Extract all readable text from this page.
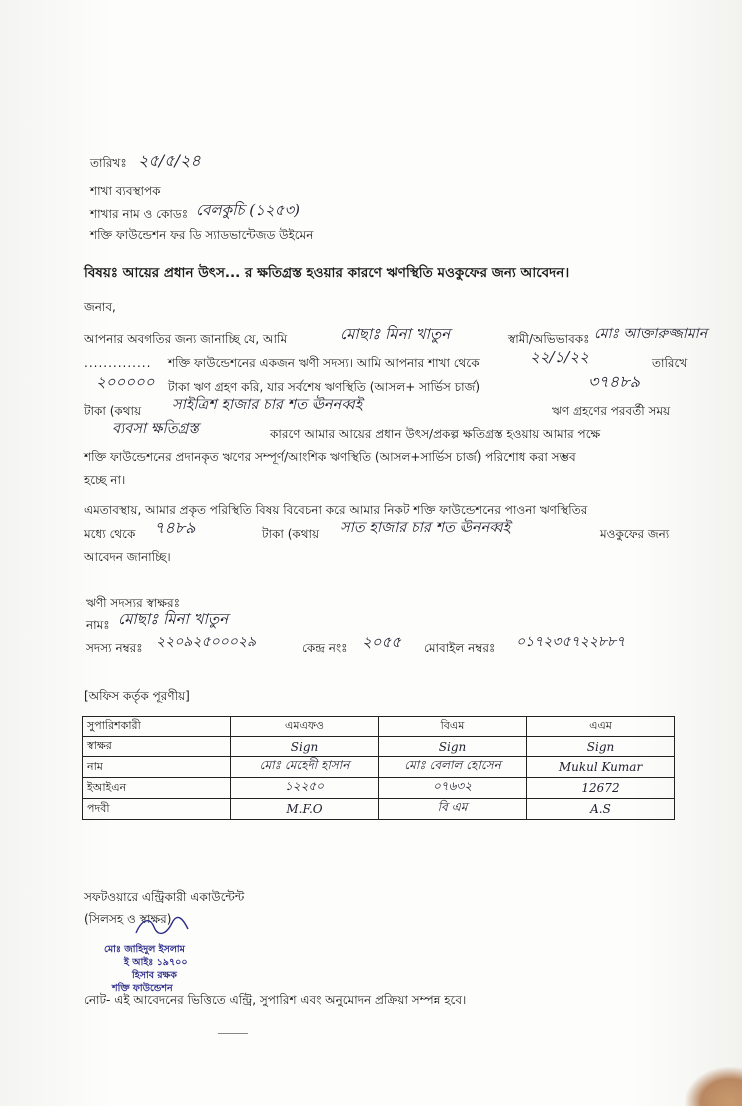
তারিখঃ ২৫/৫/২৪
শাখা ব্যবস্থাপক
শাখার নাম ও কোডঃ বেলকুচি (১২৫৩)
শক্তি ফাউন্ডেশন ফর ডি স্যাডভান্টেজড উইমেন
বিষয়ঃ আয়ের প্রধান উৎস... র ক্ষতিগ্রস্ত হওয়ার কারণে ঋণস্থিতি মওকুফের জন্য আবেদন।
জনাব,
আপনার অবগতির জন্য জানাচ্ছি যে, আমি	মোছাঃ মিনা খাতুন	স্বামী/অভিভাবকঃ মোঃ আক্তারুজ্জামান
.............. শক্তি ফাউন্ডেশনের একজন ঋণী সদস্য। আমি আপনার শাখা থেকে	২২/১/২২	তারিখে
২০০০০০ টাকা ঋণ গ্রহণ করি, যার সর্বশেষ ঋণস্থিতি (আসল+ সার্ভিস চার্জ)	৩৭৪৮৯
টাকা (কথায় সাইত্রিশ হাজার চার শত ঊননব্বই	ঋণ গ্রহণের পরবর্তী সময়
ব্যবসা ক্ষতিগ্রস্ত	কারণে আমার আয়ের প্রধান উৎস/প্রকল্প ক্ষতিগ্রস্ত হওয়ায় আমার পক্ষে
শক্তি ফাউন্ডেশনের প্রদানকৃত ঋণের সম্পূর্ণ/আংশিক ঋণস্থিতি (আসল+সার্ভিস চার্জ) পরিশোধ করা সম্ভব
হচ্ছে না।
এমতাবস্থায়, আমার প্রকৃত পরিস্থিতি বিষয় বিবেচনা করে আমার নিকট শক্তি ফাউন্ডেশনের পাওনা ঋণস্থিতির
মধ্যে থেকে ৭৪৮৯	টাকা (কথায় সাত হাজার চার শত ঊননব্বই	মওকুফের জন্য
আবেদন জানাচ্ছি।
ঋণী সদস্যর স্বাক্ষরঃ
নামঃ মোছাঃ মিনা খাতুন
সদস্য নম্বরঃ ২২০৯২৫০০০২৯	কেন্দ্র নংঃ ২০৫৫ মোবাইল নম্বরঃ ০১৭২৩৫৭২২৮৮৭
[অফিস কর্তৃক পূরণীয়]
সুপারিশকারী	এমএফও	বিএম	এএম
স্বাক্ষর	Sign	Sign	Sign
নাম	মোঃ মেহেদী হাসান	মোঃ বেলাল হোসেন	Mukul Kumar
ইআইএন	১২২৫০	০৭৬৩২	12672
পদবী	M.F.O	বি এম	A.S
সফটওয়ারে এন্ট্রিকারী একাউন্টেন্ট
(সিলসহ ও স্বাক্ষর)
মোঃ জাহিদুল ইসলাম
ই আইঃ ১৯৭০০
হিসাব রক্ষক
শক্তি ফাউন্ডেশন
নোট- এই আবেদনের ভিত্তিতে এন্ট্রি, সুপারিশ এবং অনুমোদন প্রক্রিয়া সম্পন্ন হবে।
